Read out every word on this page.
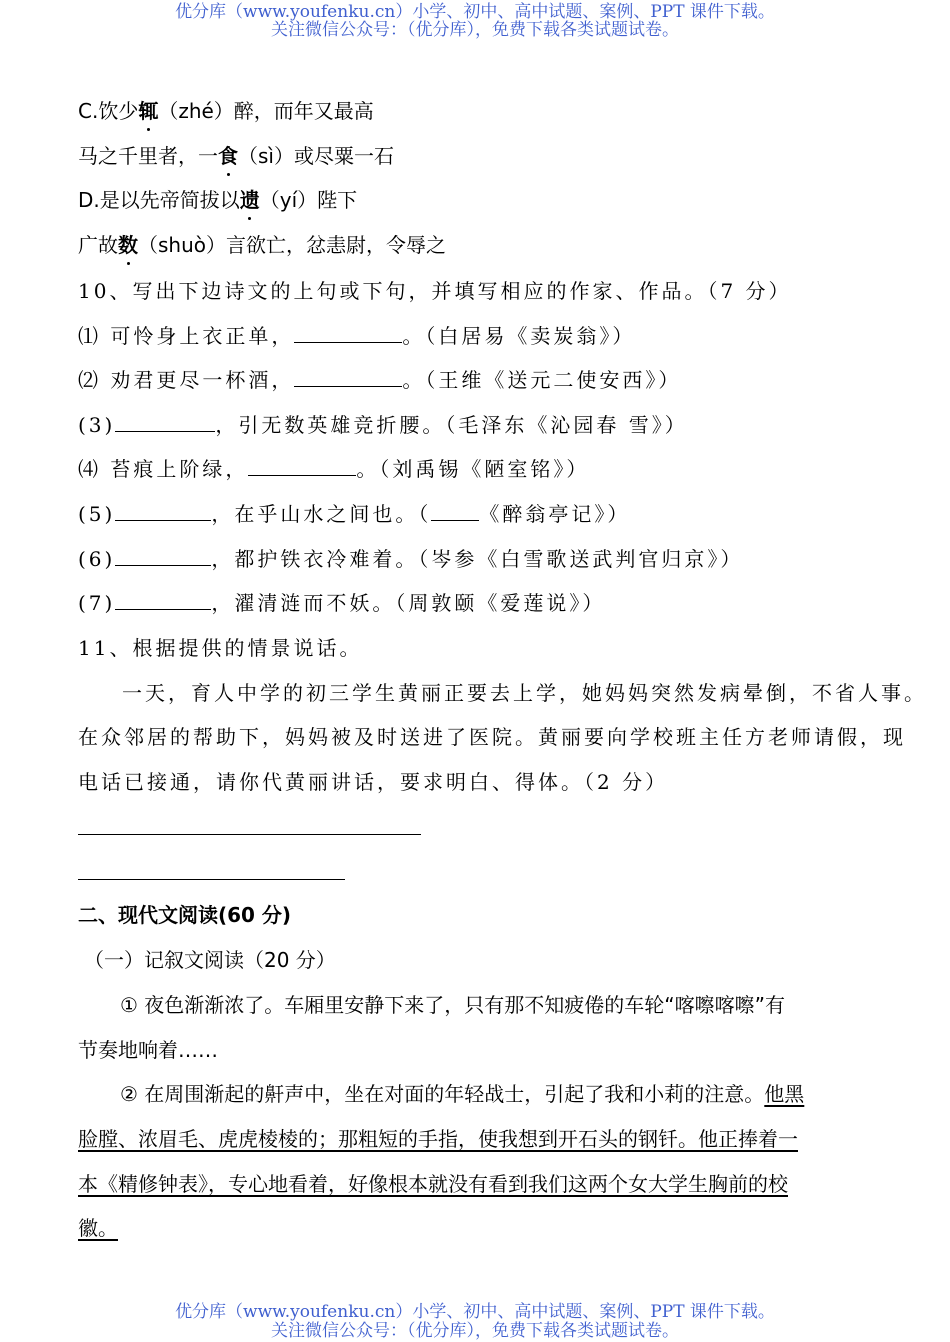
优分库（www.youfenku.cn）小学、初中、高中试题、案例、PPT 课件下载。
关注微信公众号：（优分库），免费下载各类试题试卷。
C.饮少辄（zhé）醉，而年又最高
马之千里者，一食（sì）或尽粟一石
D.是以先帝简拔以遗（yí）陛下
广故数（shuò）言欲亡，忿恚尉，令辱之
10、写出下边诗文的上句或下句，并填写相应的作家、作品。（7 分）
⑴ 可怜身上衣正单，	。（白居易《卖炭翁》）
⑵ 劝君更尽一杯酒，	。（王维《送元二使安西》）
(3)	，引无数英雄竞折腰。（毛泽东《沁园春 雪》）
⑷ 苔痕上阶绿，	。（刘禹锡《陋室铭》）
(5)	，在乎山水之间也。（ 《醉翁亭记》）
(6)	，都护铁衣冷难着。（岑参《白雪歌送武判官归京》）
(7)	，濯清涟而不妖。（周敦颐《爱莲说》）
11、根据提供的情景说话。
一天，育人中学的初三学生黄丽正要去上学，她妈妈突然发病晕倒，不省人事。
在众邻居的帮助下，妈妈被及时送进了医院。黄丽要向学校班主任方老师请假，现
电话已接通，请你代黄丽讲话，要求明白、得体。（2 分）
二、现代文阅读(60 分)
（一）记叙文阅读（20 分）
① 夜色渐渐浓了。车厢里安静下来了，只有那不知疲倦的车轮“喀嚓喀嚓”有
节奏地响着……
② 在周围渐起的鼾声中，坐在对面的年轻战士，引起了我和小莉的注意。他黑
脸膛、浓眉毛、虎虎棱棱的；那粗短的手指，使我想到开石头的钢钎。他正捧着一
本《精修钟表》，专心地看着，好像根本就没有看到我们这两个女大学生胸前的校
徽。
优分库（www.youfenku.cn）小学、初中、高中试题、案例、PPT 课件下载。
关注微信公众号：（优分库），免费下载各类试题试卷。
